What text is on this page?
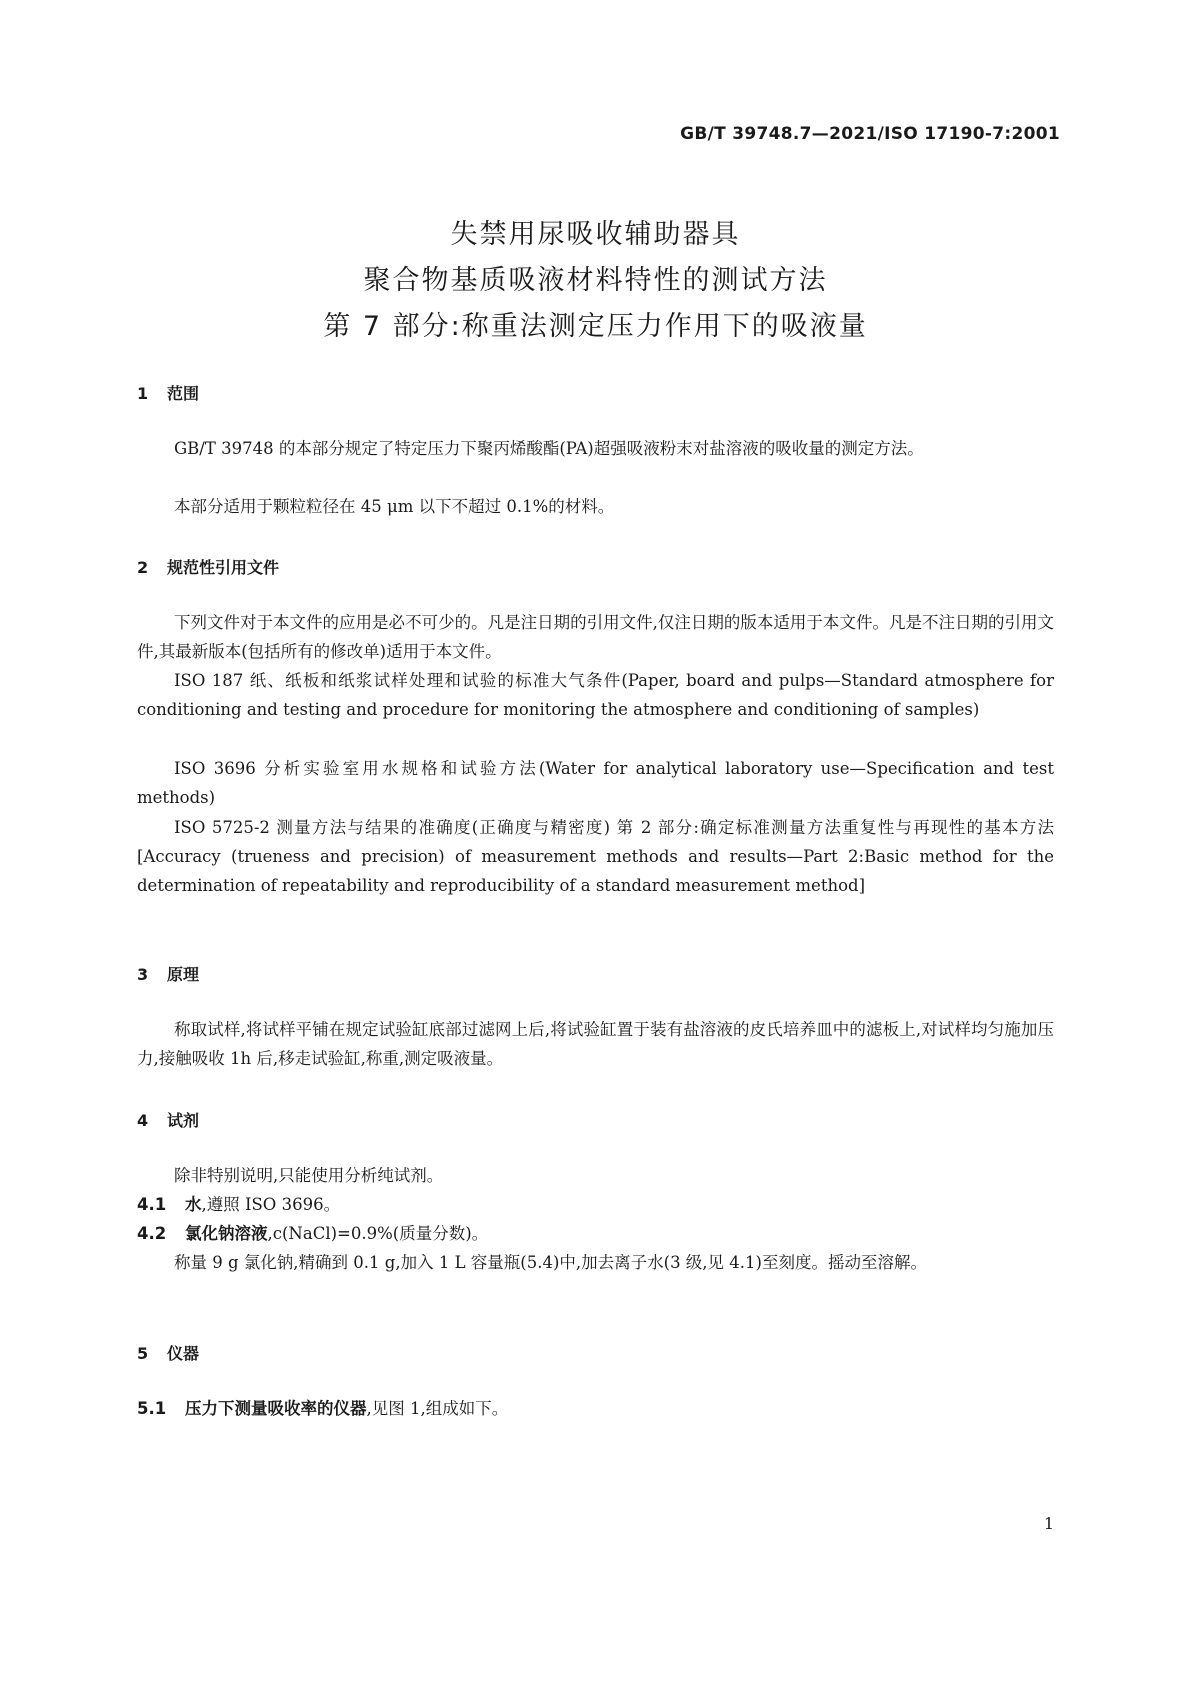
GB/T 39748.7—2021/ISO 17190-7:2001
失禁用尿吸收辅助器具
聚合物基质吸液材料特性的测试方法
第 7 部分:称重法测定压力作用下的吸液量
1 范围
GB/T 39748 的本部分规定了特定压力下聚丙烯酸酯(PA)超强吸液粉末对盐溶液的吸收量的测定方法。
本部分适用于颗粒粒径在 45 μm 以下不超过 0.1%的材料。
2 规范性引用文件
下列文件对于本文件的应用是必不可少的。凡是注日期的引用文件,仅注日期的版本适用于本文件。凡是不注日期的引用文件,其最新版本(包括所有的修改单)适用于本文件。
ISO 187 纸、纸板和纸浆试样处理和试验的标准大气条件(Paper, board and pulps—Standard atmosphere for conditioning and testing and procedure for monitoring the atmosphere and conditioning of samples)
ISO 3696 分析实验室用水规格和试验方法(Water for analytical laboratory use—Specification and test methods)
ISO 5725-2 测量方法与结果的准确度(正确度与精密度) 第 2 部分:确定标准测量方法重复性与再现性的基本方法[Accuracy (trueness and precision) of measurement methods and results—Part 2:Basic method for the determination of repeatability and reproducibility of a standard measurement method]
3 原理
称取试样,将试样平铺在规定试验缸底部过滤网上后,将试验缸置于装有盐溶液的皮氏培养皿中的滤板上,对试样均匀施加压力,接触吸收 1h 后,移走试验缸,称重,测定吸液量。
4 试剂
除非特别说明,只能使用分析纯试剂。
4.1 水,遵照 ISO 3696。
4.2 氯化钠溶液,c(NaCl)=0.9%(质量分数)。
称量 9 g 氯化钠,精确到 0.1 g,加入 1 L 容量瓶(5.4)中,加去离子水(3 级,见 4.1)至刻度。摇动至溶解。
5 仪器
5.1 压力下测量吸收率的仪器,见图 1,组成如下。
1
